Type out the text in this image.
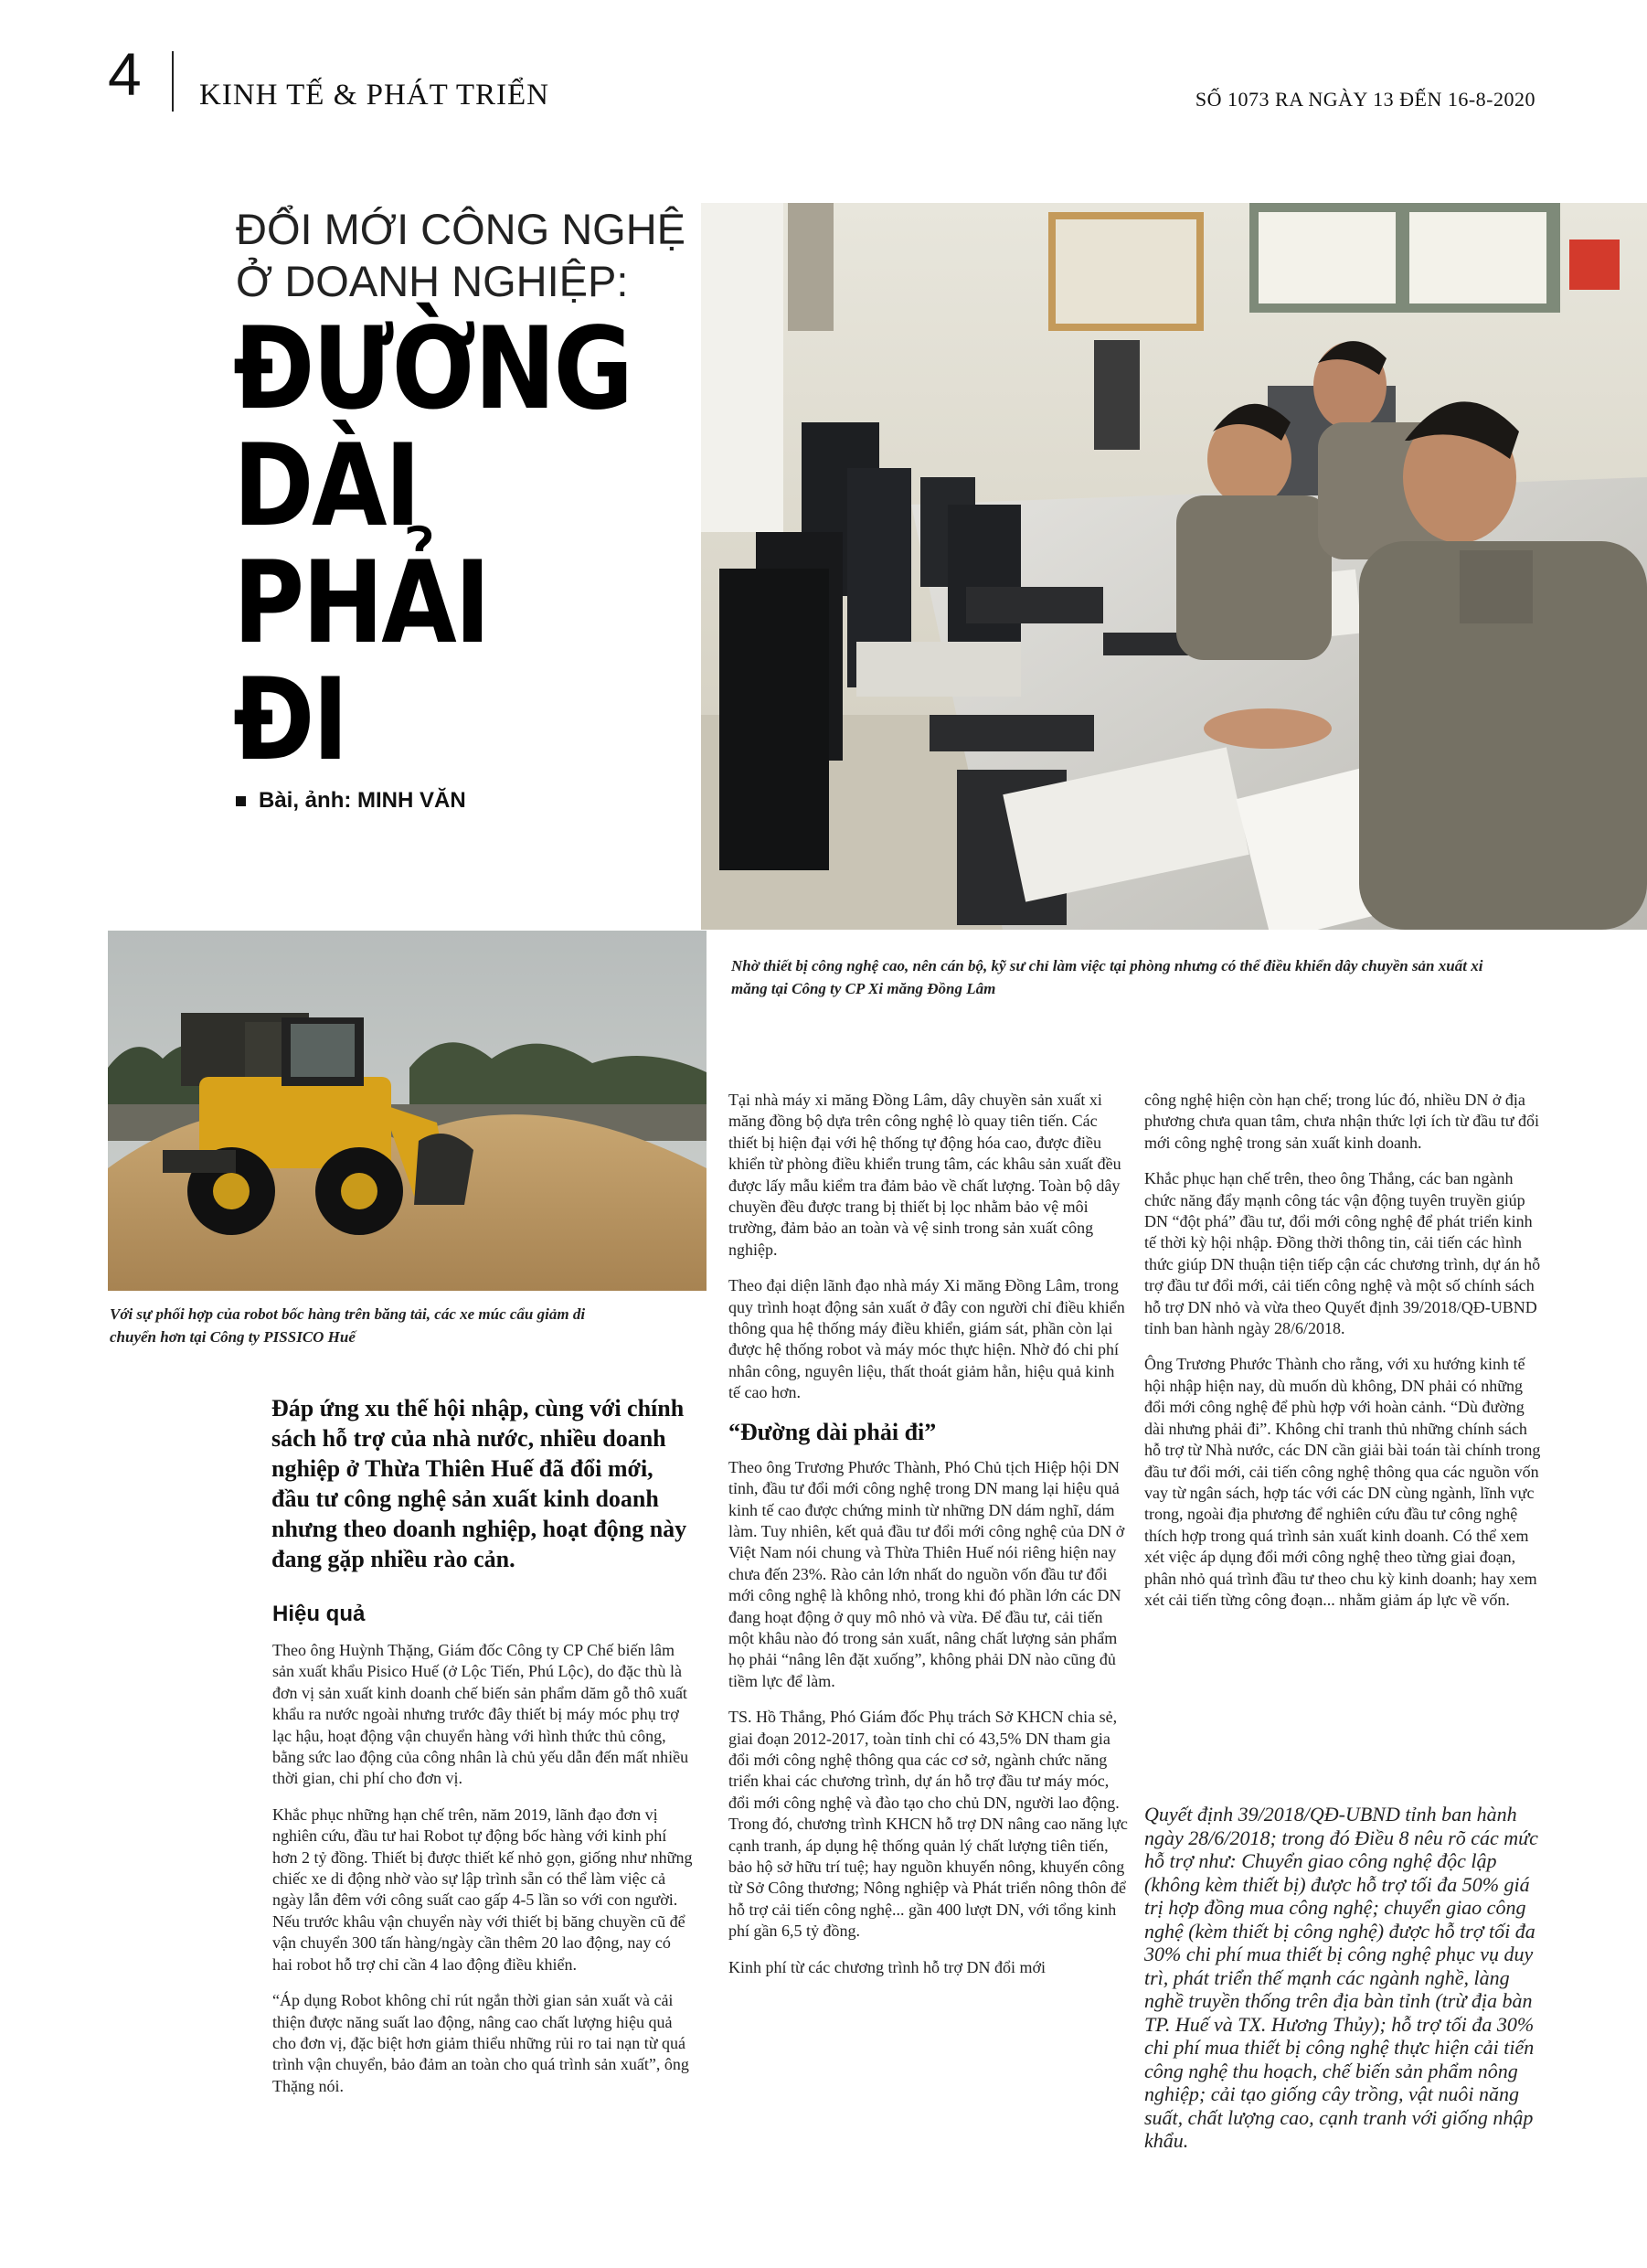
4 KINH TẾ & PHÁT TRIỂN	SỐ 1073 RA NGÀY 13 ĐẾN 16-8-2020
ĐỔI MỚI CÔNG NGHỆ
Ở DOANH NGHIỆP:
ĐƯỜNG
DÀI
PHẢI
ĐI
Bài, ảnh: MINH VĂN
Nhờ thiết bị công nghệ cao, nên cán bộ, kỹ sư chỉ làm việc tại phòng nhưng có thể điều khiển dây chuyền sản xuất xi măng tại Công ty CP Xi măng Đồng Lâm
Với sự phối hợp của robot bốc hàng trên băng tải, các xe múc cẩu giảm di chuyển hơn tại Công ty PISSICO Huế
Đáp ứng xu thế hội nhập, cùng với chính sách hỗ trợ của nhà nước, nhiều doanh nghiệp ở Thừa Thiên Huế đã đổi mới, đầu tư công nghệ sản xuất kinh doanh nhưng theo doanh nghiệp, hoạt động này đang gặp nhiều rào cản.
Hiệu quả

Theo ông Huỳnh Thặng, Giám đốc Công ty CP Chế biến lâm sản xuất khẩu Pisico Huế (ở Lộc Tiến, Phú Lộc), do đặc thù là đơn vị sản xuất kinh doanh chế biến sản phẩm dăm gỗ thô xuất khẩu ra nước ngoài nhưng trước đây thiết bị máy móc phụ trợ lạc hậu, hoạt động vận chuyển hàng với hình thức thủ công, bằng sức lao động của công nhân là chủ yếu dẫn đến mất nhiều thời gian, chi phí cho đơn vị.

Khắc phục những hạn chế trên, năm 2019, lãnh đạo đơn vị nghiên cứu, đầu tư hai Robot tự động bốc hàng với kinh phí hơn 2 tỷ đồng. Thiết bị được thiết kế nhỏ gọn, giống như những chiếc xe di động nhờ vào sự lập trình sẵn có thể làm việc cả ngày lẫn đêm với công suất cao gấp 4-5 lần so với con người. Nếu trước khâu vận chuyển này với thiết bị băng chuyền cũ để vận chuyển 300 tấn hàng/ngày cần thêm 20 lao động, nay có hai robot hỗ trợ chỉ cần 4 lao động điều khiển.

“Áp dụng Robot không chỉ rút ngắn thời gian sản xuất và cải thiện được năng suất lao động, nâng cao chất lượng hiệu quả cho đơn vị, đặc biệt hơn giảm thiểu những rủi ro tai nạn từ quá trình vận chuyển, bảo đảm an toàn cho quá trình sản xuất”, ông Thặng nói.

Tại nhà máy xi măng Đồng Lâm, dây chuyền sản xuất xi măng đồng bộ dựa trên công nghệ lò quay tiên tiến. Các thiết bị hiện đại với hệ thống tự động hóa cao, được điều khiển từ phòng điều khiển trung tâm, các khâu sản xuất đều được lấy mẫu kiểm tra đảm bảo về chất lượng. Toàn bộ dây chuyền đều được trang bị thiết bị lọc nhằm bảo vệ môi trường, đảm bảo an toàn và vệ sinh trong sản xuất công nghiệp.

Theo đại diện lãnh đạo nhà máy Xi măng Đồng Lâm, trong quy trình hoạt động sản xuất ở đây con người chỉ điều khiển thông qua hệ thống máy điều khiển, giám sát, phần còn lại được hệ thống robot và máy móc thực hiện. Nhờ đó chi phí nhân công, nguyên liệu, thất thoát giảm hẳn, hiệu quả kinh tế cao hơn.

“Đường dài phải đi”

Theo ông Trương Phước Thành, Phó Chủ tịch Hiệp hội DN tỉnh, đầu tư đổi mới công nghệ trong DN mang lại hiệu quả kinh tế cao được chứng minh từ những DN dám nghĩ, dám làm. Tuy nhiên, kết quả đầu tư đổi mới công nghệ của DN ở Việt Nam nói chung và Thừa Thiên Huế nói riêng hiện nay chưa đến 23%. Rào cản lớn nhất do nguồn vốn đầu tư đổi mới công nghệ là không nhỏ, trong khi đó phần lớn các DN đang hoạt động ở quy mô nhỏ và vừa. Để đầu tư, cải tiến một khâu nào đó trong sản xuất, nâng chất lượng sản phẩm họ phải “nâng lên đặt xuống”, không phải DN nào cũng đủ tiềm lực để làm.

TS. Hồ Thắng, Phó Giám đốc Phụ trách Sở KHCN chia sẻ, giai đoạn 2012-2017, toàn tỉnh chỉ có 43,5% DN tham gia đổi mới công nghệ thông qua các cơ sở, ngành chức năng triển khai các chương trình, dự án hỗ trợ đầu tư máy móc, đổi mới công nghệ và đào tạo cho chủ DN, người lao động. Trong đó, chương trình KHCN hỗ trợ DN nâng cao năng lực cạnh tranh, áp dụng hệ thống quản lý chất lượng tiên tiến, bảo hộ sở hữu trí tuệ; hay nguồn khuyến nông, khuyến công từ Sở Công thương; Nông nghiệp và Phát triển nông thôn để hỗ trợ cải tiến công nghệ... gần 400 lượt DN, với tổng kinh phí gần 6,5 tỷ đồng.

Kinh phí từ các chương trình hỗ trợ DN đổi mới

công nghệ hiện còn hạn chế; trong lúc đó, nhiều DN ở địa phương chưa quan tâm, chưa nhận thức lợi ích từ đầu tư đổi mới công nghệ trong sản xuất kinh doanh.

Khắc phục hạn chế trên, theo ông Thắng, các ban ngành chức năng đẩy mạnh công tác vận động tuyên truyền giúp DN “đột phá” đầu tư, đổi mới công nghệ để phát triển kinh tế thời kỳ hội nhập. Đồng thời thông tin, cải tiến các hình thức giúp DN thuận tiện tiếp cận các chương trình, dự án hỗ trợ đầu tư đổi mới, cải tiến công nghệ và một số chính sách hỗ trợ DN nhỏ và vừa theo Quyết định 39/2018/QĐ-UBND tỉnh ban hành ngày 28/6/2018.

Ông Trương Phước Thành cho rằng, với xu hướng kinh tế hội nhập hiện nay, dù muốn dù không, DN phải có những đổi mới công nghệ để phù hợp với hoàn cảnh. “Dù đường dài nhưng phải đi”. Không chỉ tranh thủ những chính sách hỗ trợ từ Nhà nước, các DN cần giải bài toán tài chính trong đầu tư đổi mới, cải tiến công nghệ thông qua các nguồn vốn vay từ ngân sách, hợp tác với các DN cùng ngành, lĩnh vực trong, ngoài địa phương để nghiên cứu đầu tư công nghệ thích hợp trong quá trình sản xuất kinh doanh. Có thể xem xét việc áp dụng đổi mới công nghệ theo từng giai đoạn, phân nhỏ quá trình đầu tư theo chu kỳ kinh doanh; hay xem xét cải tiến từng công đoạn... nhằm giảm áp lực về vốn.

Quyết định 39/2018/QĐ-UBND tỉnh ban hành ngày 28/6/2018; trong đó Điều 8 nêu rõ các mức hỗ trợ như: Chuyển giao công nghệ độc lập (không kèm thiết bị) được hỗ trợ tối đa 50% giá trị hợp đồng mua công nghệ; chuyển giao công nghệ (kèm thiết bị công nghệ) được hỗ trợ tối đa 30% chi phí mua thiết bị công nghệ phục vụ duy trì, phát triển thế mạnh các ngành nghề, làng nghề truyền thống trên địa bàn tỉnh (trừ địa bàn TP. Huế và TX. Hương Thủy); hỗ trợ tối đa 30% chi phí mua thiết bị công nghệ thực hiện cải tiến công nghệ thu hoạch, chế biến sản phẩm nông nghiệp; cải tạo giống cây trồng, vật nuôi năng suất, chất lượng cao, cạnh tranh với giống nhập khẩu.
